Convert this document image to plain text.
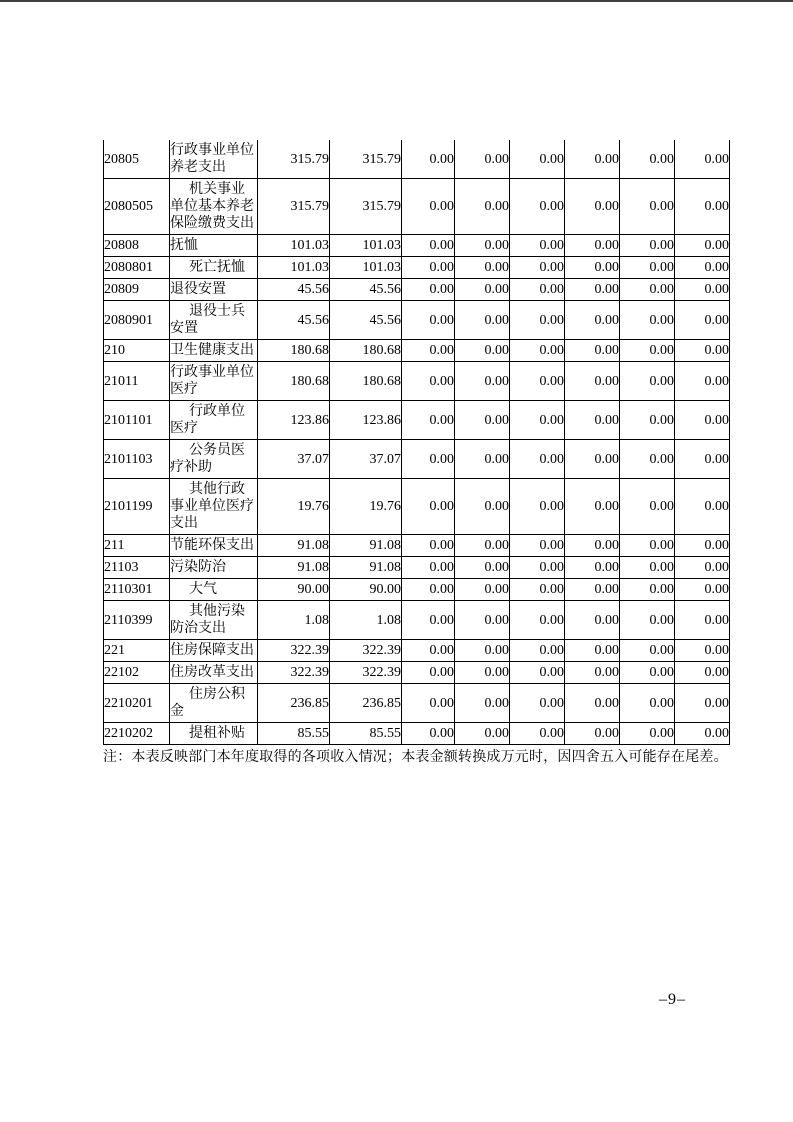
20805	行政事业单位养老支出	315.79	315.79	0.00	0.00	0.00	0.00	0.00	0.00
2080505	机关事业单位基本养老保险缴费支出	315.79	315.79	0.00	0.00	0.00	0.00	0.00	0.00
20808	抚恤	101.03	101.03	0.00	0.00	0.00	0.00	0.00	0.00
2080801	死亡抚恤	101.03	101.03	0.00	0.00	0.00	0.00	0.00	0.00
20809	退役安置	45.56	45.56	0.00	0.00	0.00	0.00	0.00	0.00
2080901	退役士兵安置	45.56	45.56	0.00	0.00	0.00	0.00	0.00	0.00
210	卫生健康支出	180.68	180.68	0.00	0.00	0.00	0.00	0.00	0.00
21011	行政事业单位医疗	180.68	180.68	0.00	0.00	0.00	0.00	0.00	0.00
2101101	行政单位医疗	123.86	123.86	0.00	0.00	0.00	0.00	0.00	0.00
2101103	公务员医疗补助	37.07	37.07	0.00	0.00	0.00	0.00	0.00	0.00
2101199	其他行政事业单位医疗支出	19.76	19.76	0.00	0.00	0.00	0.00	0.00	0.00
211	节能环保支出	91.08	91.08	0.00	0.00	0.00	0.00	0.00	0.00
21103	污染防治	91.08	91.08	0.00	0.00	0.00	0.00	0.00	0.00
2110301	大气	90.00	90.00	0.00	0.00	0.00	0.00	0.00	0.00
2110399	其他污染防治支出	1.08	1.08	0.00	0.00	0.00	0.00	0.00	0.00
221	住房保障支出	322.39	322.39	0.00	0.00	0.00	0.00	0.00	0.00
22102	住房改革支出	322.39	322.39	0.00	0.00	0.00	0.00	0.00	0.00
2210201	住房公积金	236.85	236.85	0.00	0.00	0.00	0.00	0.00	0.00
2210202	提租补贴	85.55	85.55	0.00	0.00	0.00	0.00	0.00	0.00
注：本表反映部门本年度取得的各项收入情况；本表金额转换成万元时，因四舍五入可能存在尾差。
–9–
